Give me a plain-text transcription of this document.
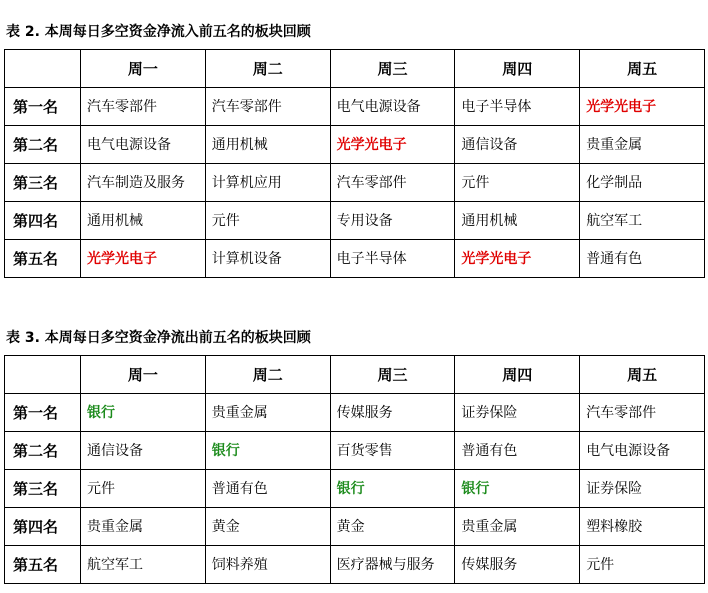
表 2. 本周每日多空资金净流入前五名的板块回顾
	周一	周二	周三	周四	周五
第一名	汽车零部件	汽车零部件	电气电源设备	电子半导体	光学光电子
第二名	电气电源设备	通用机械	光学光电子	通信设备	贵重金属
第三名	汽车制造及服务	计算机应用	汽车零部件	元件	化学制品
第四名	通用机械	元件	专用设备	通用机械	航空军工
第五名	光学光电子	计算机设备	电子半导体	光学光电子	普通有色
表 3. 本周每日多空资金净流出前五名的板块回顾
	周一	周二	周三	周四	周五
第一名	银行	贵重金属	传媒服务	证券保险	汽车零部件
第二名	通信设备	银行	百货零售	普通有色	电气电源设备
第三名	元件	普通有色	银行	银行	证券保险
第四名	贵重金属	黄金	黄金	贵重金属	塑料橡胶
第五名	航空军工	饲料养殖	医疗器械与服务	传媒服务	元件
